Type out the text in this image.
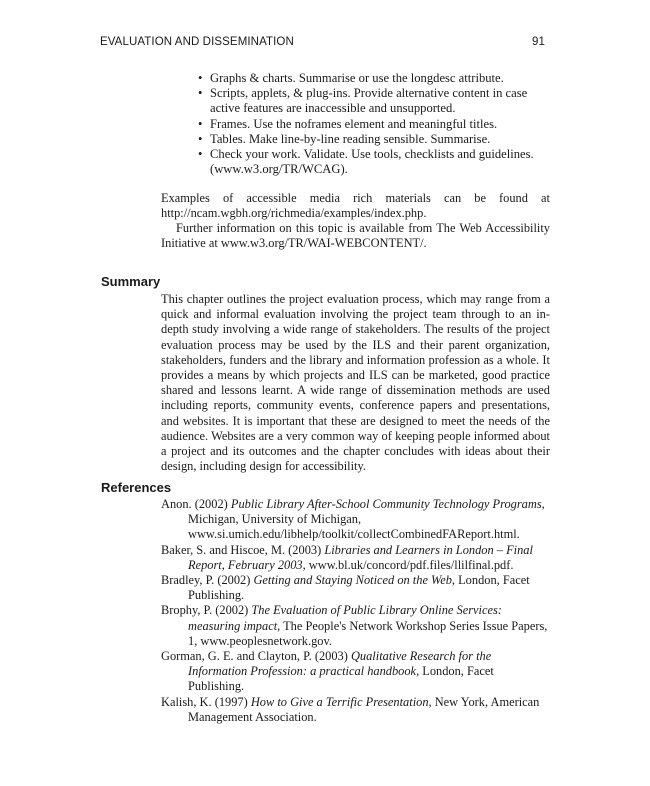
EVALUATION AND DISSEMINATION	91
• Graphs & charts. Summarise or use the longdesc attribute.
• Scripts, applets, & plug-ins. Provide alternative content in case active features are inaccessible and unsupported.
• Frames. Use the noframes element and meaningful titles.
• Tables. Make line-by-line reading sensible. Summarise.
• Check your work. Validate. Use tools, checklists and guidelines. (www.w3.org/TR/WCAG).

Examples of accessible media rich materials can be found at http://ncam.wgbh.org/richmedia/examples/index.php.

Further information on this topic is available from The Web Accessibility Initiative at www.w3.org/TR/WAI-WEBCONTENT/.

Summary

This chapter outlines the project evaluation process, which may range from a quick and informal evaluation involving the project team through to an in-depth study involving a wide range of stakeholders. The results of the project evaluation process may be used by the ILS and their parent organization, stakeholders, funders and the library and information profession as a whole. It provides a means by which projects and ILS can be marketed, good practice shared and lessons learnt. A wide range of dissemination methods are used including reports, community events, conference papers and presentations, and websites. It is important that these are designed to meet the needs of the audience. Websites are a very common way of keeping people informed about a project and its outcomes and the chapter concludes with ideas about their design, including design for accessibility.

References
Anon. (2002) Public Library After-School Community Technology Programs, Michigan, University of Michigan, www.si.umich.edu/libhelp/toolkit/collectCombinedFAReport.html.
Baker, S. and Hiscoe, M. (2003) Libraries and Learners in London – Final Report, February 2003, www.bl.uk/concord/pdf.files/llilfinal.pdf.
Bradley, P. (2002) Getting and Staying Noticed on the Web, London, Facet Publishing.
Brophy, P. (2002) The Evaluation of Public Library Online Services: measuring impact, The People's Network Workshop Series Issue Papers, 1, www.peoplesnetwork.gov.
Gorman, G. E. and Clayton, P. (2003) Qualitative Research for the Information Profession: a practical handbook, London, Facet Publishing.
Kalish, K. (1997) How to Give a Terrific Presentation, New York, American Management Association.
